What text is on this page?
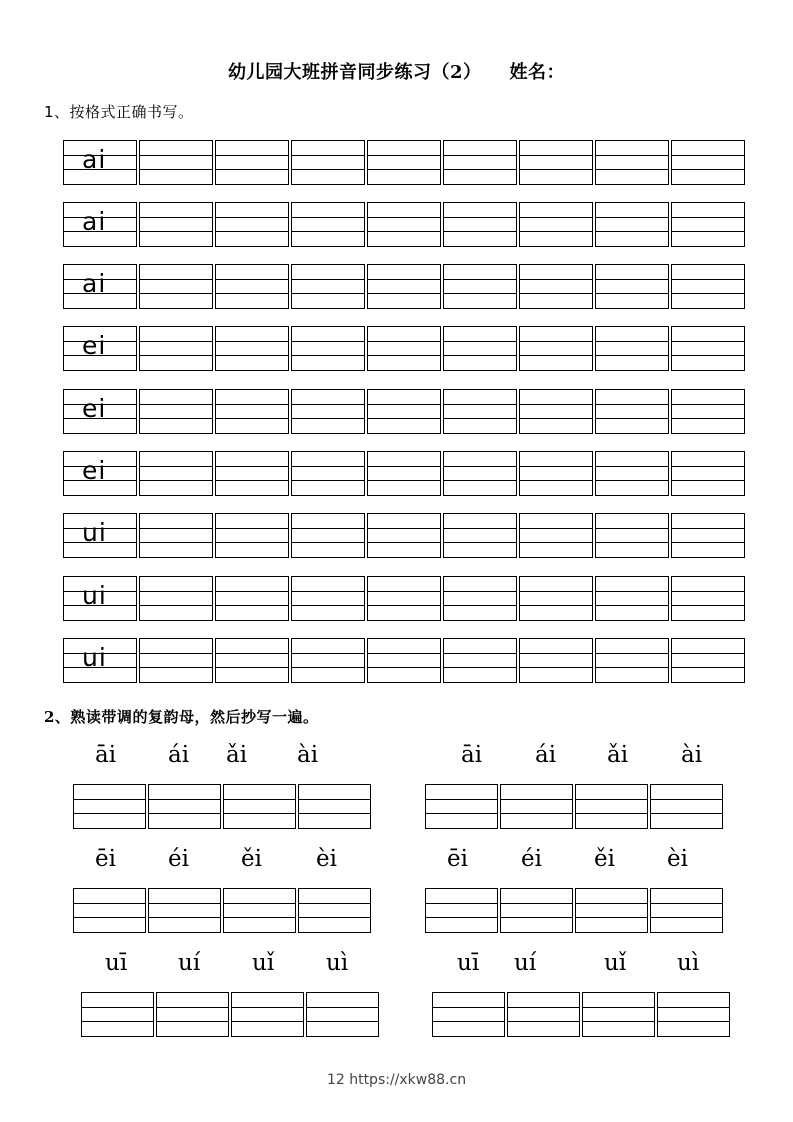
幼儿园大班拼音同步练习（2） 姓名：
1、按格式正确书写。
ai
ai
ai
ei
ei
ei
ui
ui
ui
2、熟读带调的复韵母，然后抄写一遍。
āi ái ǎi ài	āi ái ǎi ài
ēi éi ěi èi	ēi éi ěi èi
uī uí uǐ uì	uī uí	uǐ uì
12 https://xkw88.cn
